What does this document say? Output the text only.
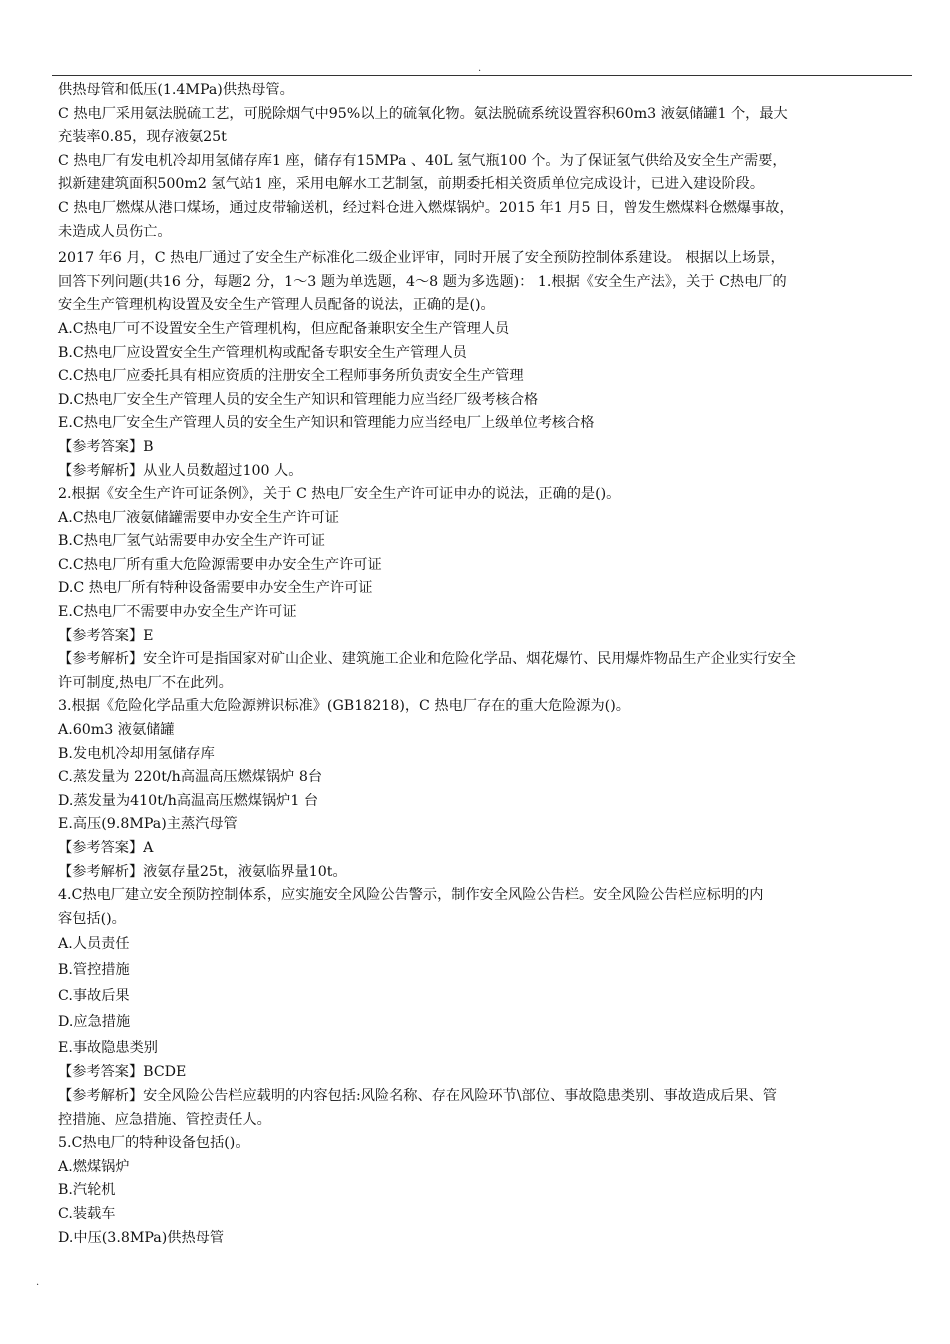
.
供热母管和低压(1.4MPa)供热母管。
C 热电厂采用氨法脱硫工艺，可脱除烟气中95%以上的硫氧化物。氨法脱硫系统设置容积60m3 液氨储罐1 个，最大
充装率0.85，现存液氨25t
C 热电厂有发电机冷却用氢储存库1 座，储存有15MPa 、40L 氢气瓶100 个。为了保证氢气供给及安全生产需要，
拟新建建筑面积500m2 氢气站1 座，采用电解水工艺制氢，前期委托相关资质单位完成设计，已进入建设阶段。
C 热电厂燃煤从港口煤场，通过皮带输送机，经过料仓进入燃煤锅炉。2015 年1 月5 日，曾发生燃煤料仓燃爆事故，
未造成人员伤亡。
2017 年6 月，C 热电厂通过了安全生产标准化二级企业评审，同时开展了安全预防控制体系建设。 根据以上场景，
回答下列问题(共16 分，每题2 分，1～3 题为单选题，4～8 题为多选题)： 1.根据《安全生产法》，关于 C热电厂的
安全生产管理机构设置及安全生产管理人员配备的说法，正确的是()。
A.C热电厂可不设置安全生产管理机构，但应配备兼职安全生产管理人员
B.C热电厂应设置安全生产管理机构或配备专职安全生产管理人员
C.C热电厂应委托具有相应资质的注册安全工程师事务所负责安全生产管理
D.C热电厂安全生产管理人员的安全生产知识和管理能力应当经厂级考核合格
E.C热电厂安全生产管理人员的安全生产知识和管理能力应当经电厂上级单位考核合格
【参考答案】B
【参考解析】从业人员数超过100 人。
2.根据《安全生产许可证条例》，关于 C 热电厂安全生产许可证申办的说法，正确的是()。
A.C热电厂液氨储罐需要申办安全生产许可证
B.C热电厂氢气站需要申办安全生产许可证
C.C热电厂所有重大危险源需要申办安全生产许可证
D.C 热电厂所有特种设备需要申办安全生产许可证
E.C热电厂不需要申办安全生产许可证
【参考答案】E
【参考解析】安全许可是指国家对矿山企业、建筑施工企业和危险化学品、烟花爆竹、民用爆炸物品生产企业实行安全
许可制度,热电厂不在此列。
3.根据《危险化学品重大危险源辨识标准》(GB18218)，C 热电厂存在的重大危险源为()。
A.60m3 液氨储罐
B.发电机冷却用氢储存库
C.蒸发量为 220t/h高温高压燃煤锅炉 8台
D.蒸发量为410t/h高温高压燃煤锅炉1 台
E.高压(9.8MPa)主蒸汽母管
【参考答案】A
【参考解析】液氨存量25t，液氨临界量10t。
4.C热电厂建立安全预防控制体系，应实施安全风险公告警示，制作安全风险公告栏。安全风险公告栏应标明的内
容包括()。
A.人员责任
B.管控措施
C.事故后果
D.应急措施
E.事故隐患类别
【参考答案】BCDE
【参考解析】安全风险公告栏应载明的内容包括:风险名称、存在风险环节\部位、事故隐患类别、事故造成后果、管
控措施、应急措施、管控责任人。
5.C热电厂的特种设备包括()。
A.燃煤锅炉
B.汽轮机
C.装载车
D.中压(3.8MPa)供热母管
.
